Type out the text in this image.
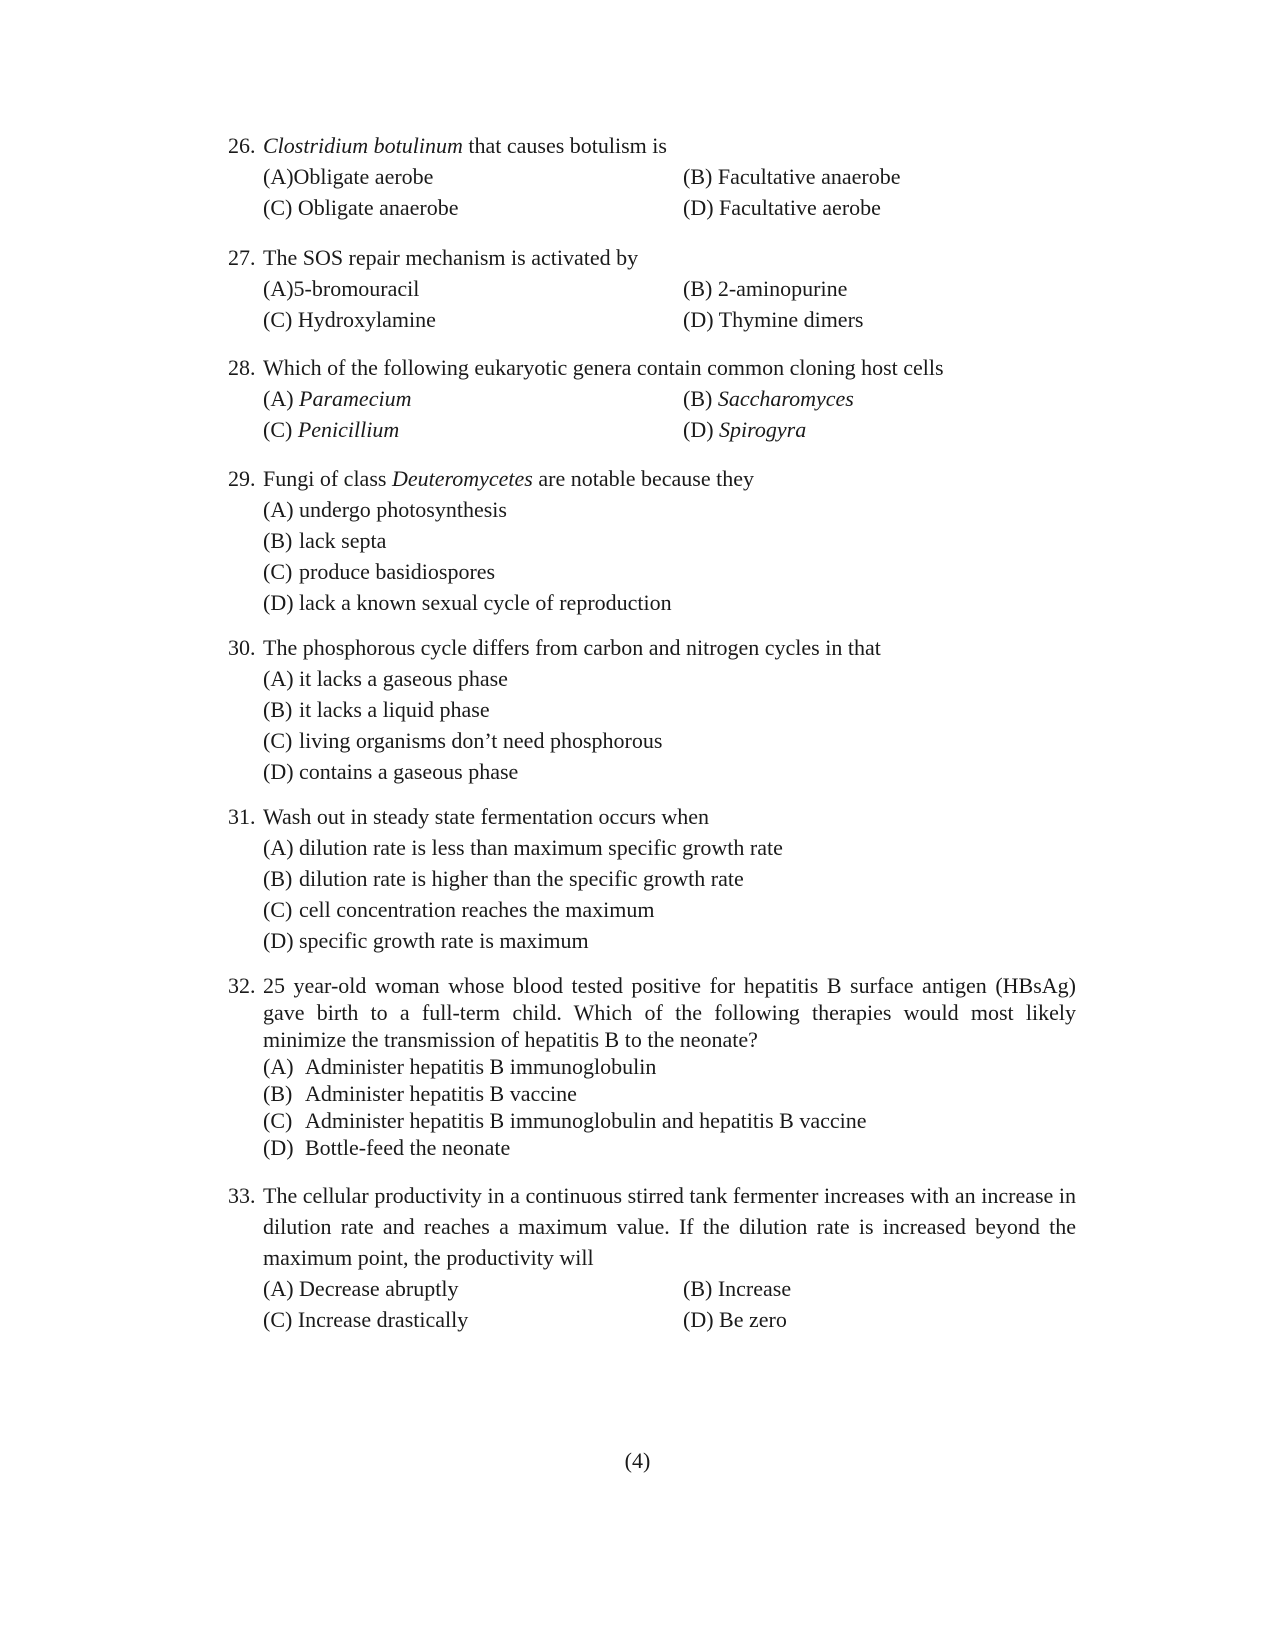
26. Clostridium botulinum that causes botulism is
(A)Obligate aerobe	(B) Facultative anaerobe
(C) Obligate anaerobe	(D) Facultative aerobe
27. The SOS repair mechanism is activated by
(A)5-bromouracil	(B) 2-aminopurine
(C) Hydroxylamine	(D) Thymine dimers
28. Which of the following eukaryotic genera contain common cloning host cells
(A) Paramecium	(B) Saccharomyces
(C) Penicillium	(D) Spirogyra
29. Fungi of class Deuteromycetes are notable because they
(A) undergo photosynthesis
(B) lack septa
(C) produce basidiospores
(D) lack a known sexual cycle of reproduction
30. The phosphorous cycle differs from carbon and nitrogen cycles in that
(A) it lacks a gaseous phase
(B) it lacks a liquid phase
(C) living organisms don’t need phosphorous
(D) contains a gaseous phase
31. Wash out in steady state fermentation occurs when
(A) dilution rate is less than maximum specific growth rate
(B) dilution rate is higher than the specific growth rate
(C) cell concentration reaches the maximum
(D) specific growth rate is maximum
32. 25 year-old woman whose blood tested positive for hepatitis B surface antigen (HBsAg) gave birth to a full-term child. Which of the following therapies would most likely minimize the transmission of hepatitis B to the neonate?
(A) Administer hepatitis B immunoglobulin
(B) Administer hepatitis B vaccine
(C) Administer hepatitis B immunoglobulin and hepatitis B vaccine
(D) Bottle-feed the neonate
33. The cellular productivity in a continuous stirred tank fermenter increases with an increase in dilution rate and reaches a maximum value. If the dilution rate is increased beyond the maximum point, the productivity will
(A) Decrease abruptly	(B) Increase
(C) Increase drastically	(D) Be zero
(4)
